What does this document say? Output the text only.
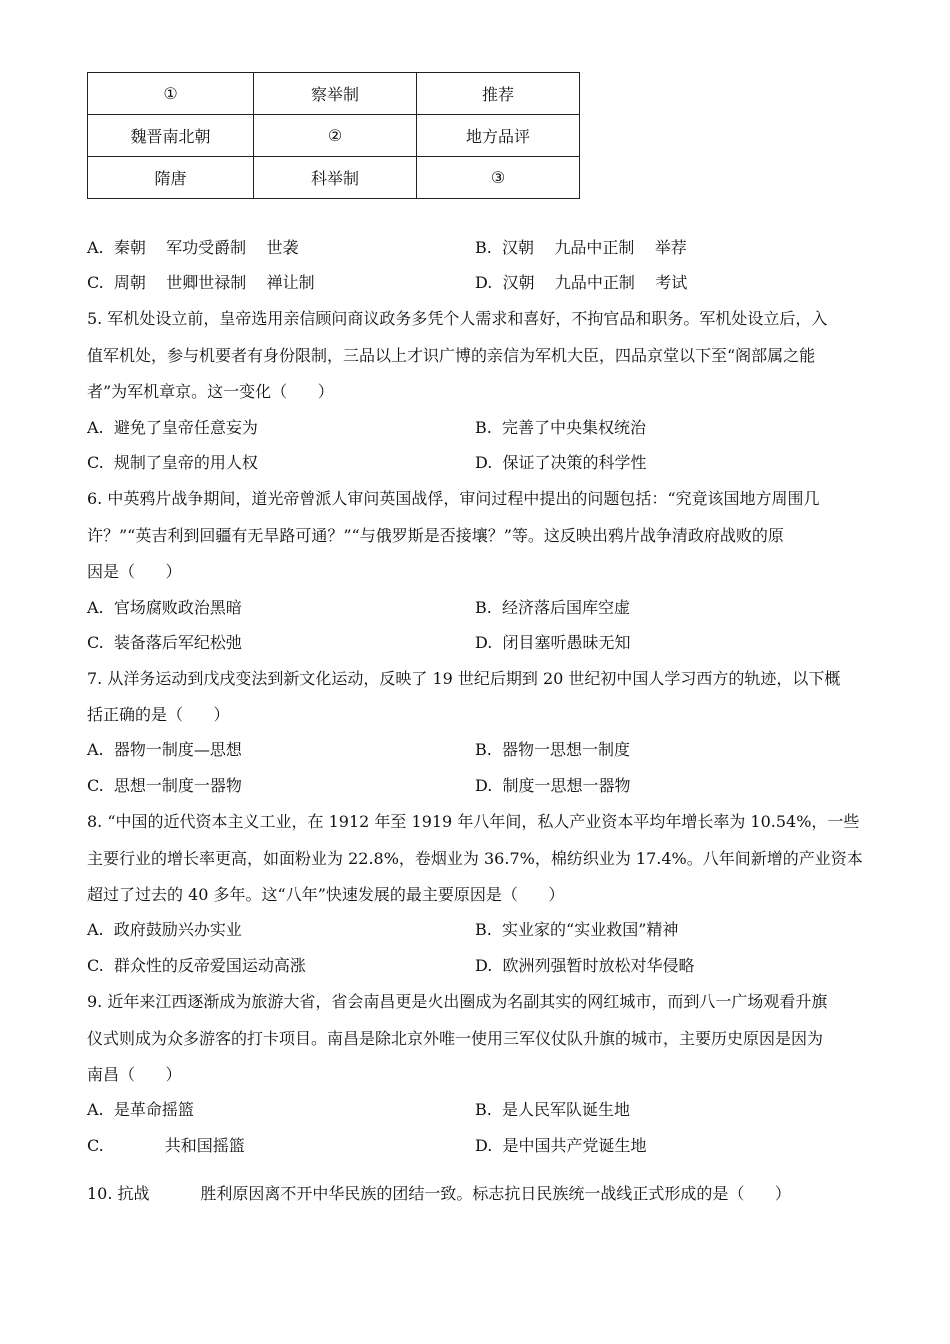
①	察举制	推荐
魏晋南北朝	②	地方品评
隋唐	科举制	③
A.  秦朝    军功受爵制    世袭	B.  汉朝    九品中正制    举荐
C.  周朝    世卿世禄制    禅让制	D.  汉朝    九品中正制    考试
5. 军机处设立前，皇帝选用亲信顾问商议政务多凭个人需求和喜好，不拘官品和职务。军机处设立后，入
值军机处，参与机要者有身份限制，三品以上才识广博的亲信为军机大臣，四品京堂以下至“阁部属之能
者”为军机章京。这一变化（      ）
A.  避免了皇帝任意妄为	B.  完善了中央集权统治
C.  规制了皇帝的用人权	D.  保证了决策的科学性
6. 中英鸦片战争期间，道光帝曾派人审问英国战俘，审问过程中提出的问题包括：“究竟该国地方周围几
许？”“英吉利到回疆有无旱路可通？”“与俄罗斯是否接壤？”等。这反映出鸦片战争清政府战败的原
因是（      ）
A.  官场腐败政治黑暗	B.  经济落后国库空虚
C.  装备落后军纪松弛	D.  闭目塞听愚昧无知
7. 从洋务运动到戊戌变法到新文化运动，反映了 19 世纪后期到 20 世纪初中国人学习西方的轨迹，以下概
括正确的是（      ）
A.  器物一制度—思想	B.  器物一思想一制度
C.  思想一制度一器物	D.  制度一思想一器物
8. “中国的近代资本主义工业，在 1912 年至 1919 年八年间，私人产业资本平均年增长率为 10.54%，一些
主要行业的增长率更高，如面粉业为 22.8%，卷烟业为 36.7%，棉纺织业为 17.4%。八年间新增的产业资本
超过了过去的 40 多年。这“八年”快速发展的最主要原因是（      ）
A.  政府鼓励兴办实业	B.  实业家的“实业救国”精神
C.  群众性的反帝爱国运动高涨	D.  欧洲列强暂时放松对华侵略
9. 近年来江西逐渐成为旅游大省，省会南昌更是火出圈成为名副其实的网红城市，而到八一广场观看升旗
仪式则成为众多游客的打卡项目。南昌是除北京外唯一使用三军仪仗队升旗的城市，主要历史原因是因为
南昌（      ）
A.  是革命摇篮	B.  是人民军队诞生地
C.            共和国摇篮	D.  是中国共产党诞生地
10. 抗战          胜利原因离不开中华民族的团结一致。标志抗日民族统一战线正式形成的是（      ）
